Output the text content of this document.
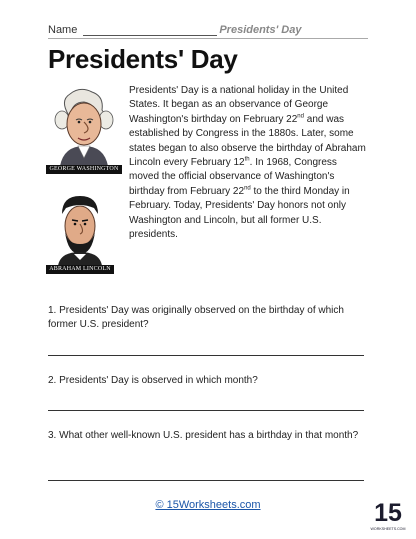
Name	Presidents' Day
Presidents' Day
GEORGE WASHINGTON
ABRAHAM LINCOLN
Presidents' Day is a national holiday in the United States. It began as an observance of George Washington's birthday on February 22nd and was established by Congress in the 1880s. Later, some states began to also observe the birthday of Abraham Lincoln every February 12th. In 1968, Congress moved the official observance of Washington's birthday from February 22nd to the third Monday in February. Today, Presidents' Day honors not only Washington and Lincoln, but all former U.S. presidents.
1. Presidents' Day was originally observed on the birthday of which former U.S. president?
2. Presidents' Day is observed in which month?
3. What other well-known U.S. president has a birthday in that month?
© 15Worksheets.com	15
WORKSHEETS.COM
